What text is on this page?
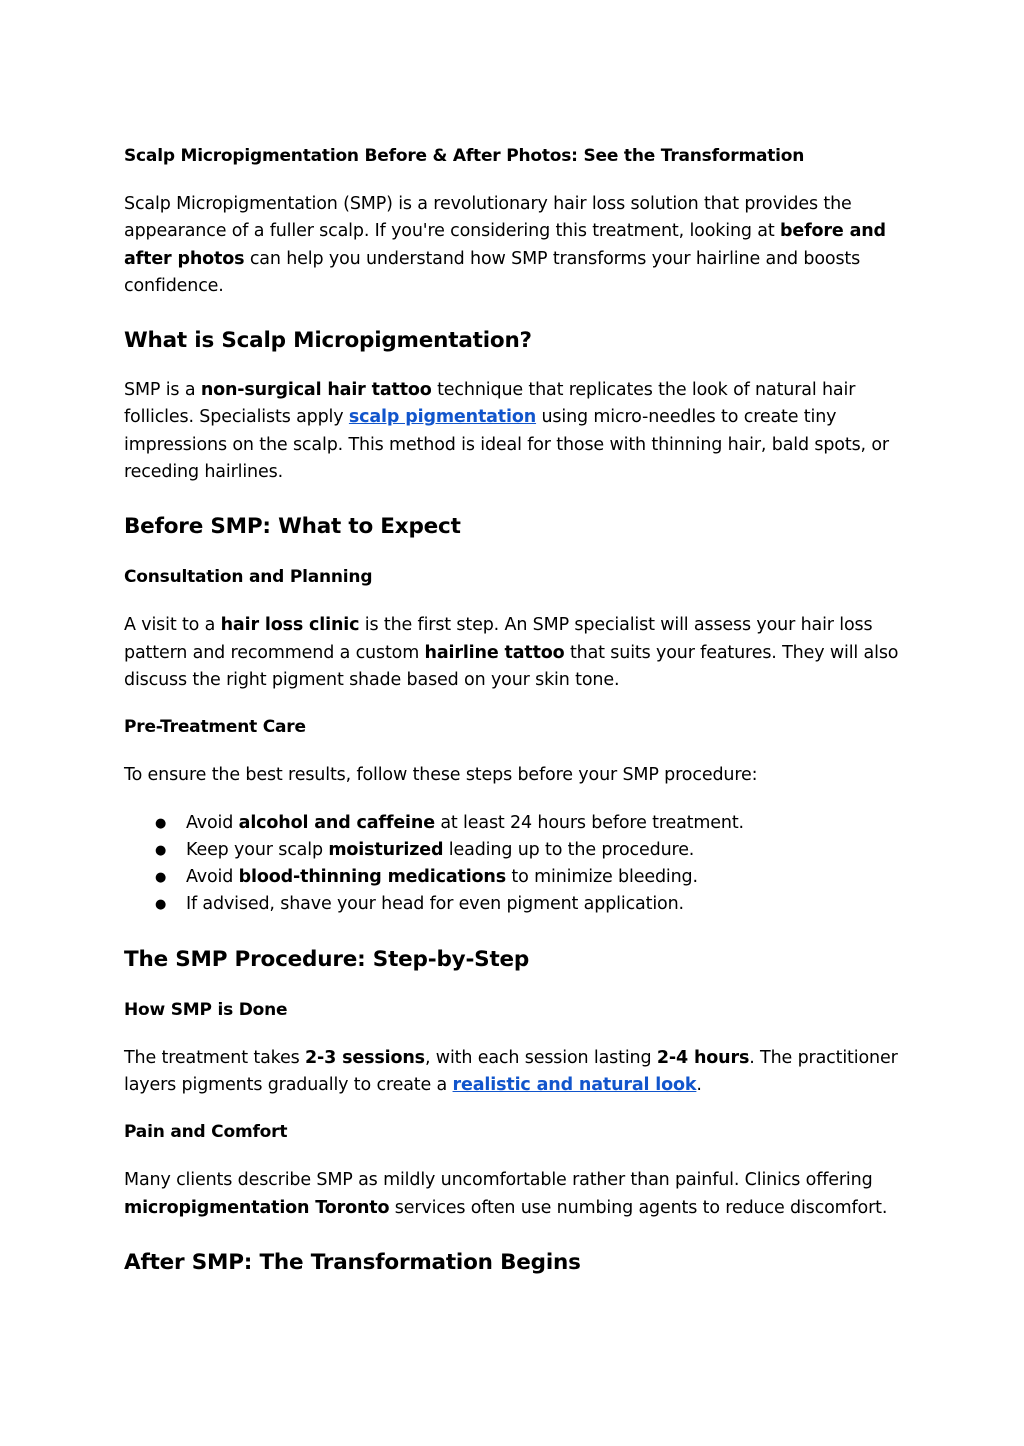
Scalp Micropigmentation Before & After Photos: See the Transformation

Scalp Micropigmentation (SMP) is a revolutionary hair loss solution that provides the appearance of a fuller scalp. If you're considering this treatment, looking at before and after photos can help you understand how SMP transforms your hairline and boosts confidence.

What is Scalp Micropigmentation?

SMP is a non-surgical hair tattoo technique that replicates the look of natural hair follicles. Specialists apply scalp pigmentation using micro-needles to create tiny impressions on the scalp. This method is ideal for those with thinning hair, bald spots, or receding hairlines.

Before SMP: What to Expect
Consultation and Planning

A visit to a hair loss clinic is the first step. An SMP specialist will assess your hair loss pattern and recommend a custom hairline tattoo that suits your features. They will also discuss the right pigment shade based on your skin tone.

Pre-Treatment Care

To ensure the best results, follow these steps before your SMP procedure:

● Avoid alcohol and caffeine at least 24 hours before treatment.
● Keep your scalp moisturized leading up to the procedure.
● Avoid blood-thinning medications to minimize bleeding.
● If advised, shave your head for even pigment application.
The SMP Procedure: Step-by-Step
How SMP is Done

The treatment takes 2-3 sessions, with each session lasting 2-4 hours. The practitioner layers pigments gradually to create a realistic and natural look.

Pain and Comfort

Many clients describe SMP as mildly uncomfortable rather than painful. Clinics offering micropigmentation Toronto services often use numbing agents to reduce discomfort.

After SMP: The Transformation Begins
